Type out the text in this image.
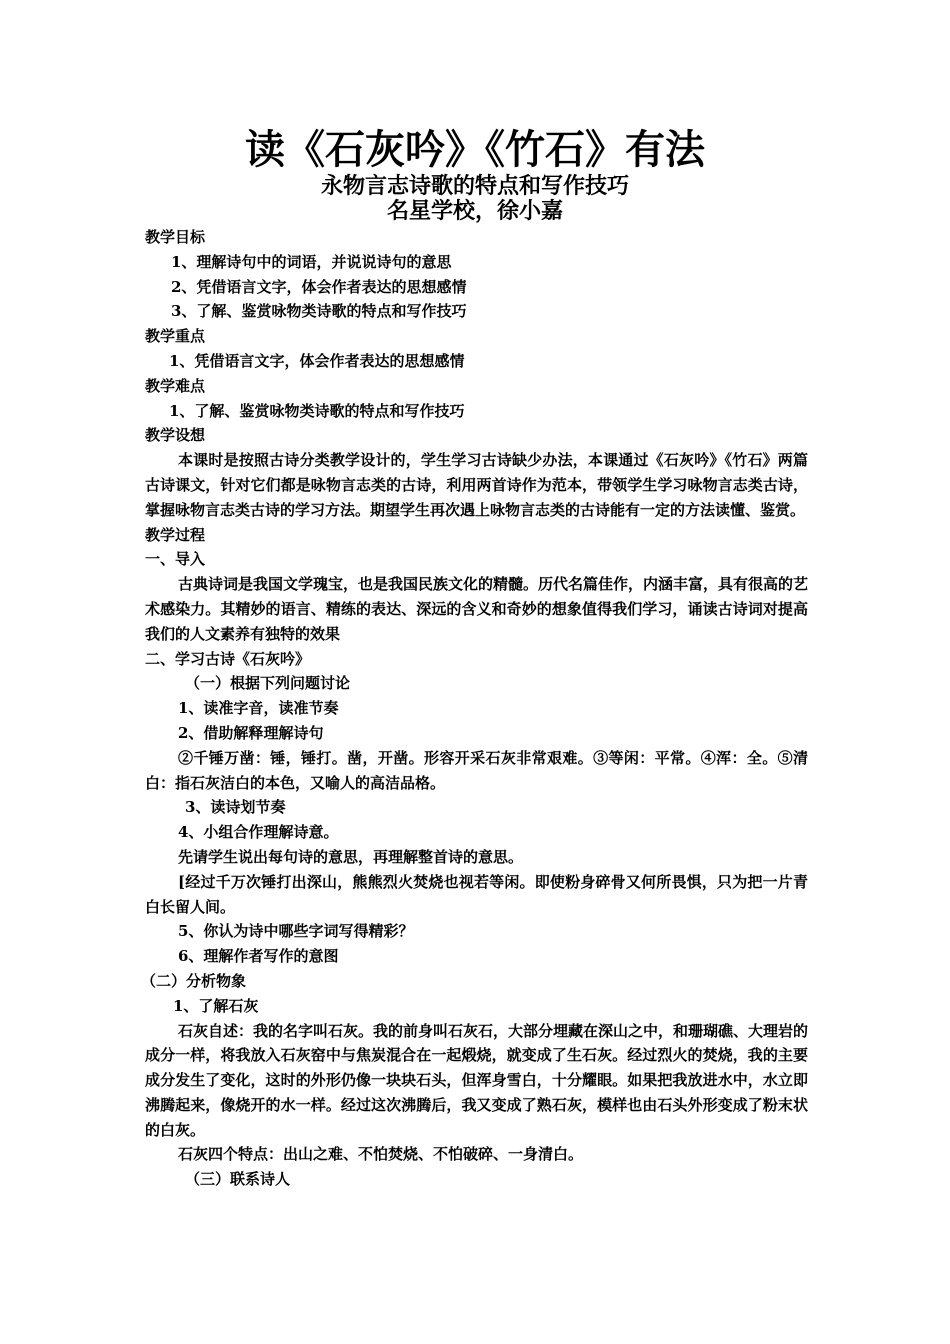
读《石灰吟》《竹石》有法
永物言志诗歌的特点和写作技巧
名星学校，徐小嘉
教学目标
1、理解诗句中的词语，并说说诗句的意思
2、凭借语言文字，体会作者表达的思想感情
3、了解、鉴赏咏物类诗歌的特点和写作技巧
教学重点
1、凭借语言文字，体会作者表达的思想感情
教学难点
1、了解、鉴赏咏物类诗歌的特点和写作技巧
教学设想
本课时是按照古诗分类教学设计的，学生学习古诗缺少办法，本课通过《石灰吟》《竹石》两篇古诗课文，针对它们都是咏物言志类的古诗，利用两首诗作为范本，带领学生学习咏物言志类古诗，掌握咏物言志类古诗的学习方法。期望学生再次遇上咏物言志类的古诗能有一定的方法读懂、鉴赏。
教学过程
一、导入
古典诗词是我国文学瑰宝，也是我国民族文化的精髓。历代名篇佳作，内涵丰富，具有很高的艺术感染力。其精妙的语言、精练的表达、深远的含义和奇妙的想象值得我们学习，诵读古诗词对提高我们的人文素养有独特的效果
二、学习古诗《石灰吟》
（一）根据下列问题讨论
1、读准字音，读准节奏
2、借助解释理解诗句
②千锤万凿：锤，锤打。凿，开凿。形容开采石灰非常艰难。③等闲：平常。④浑：全。⑤清白：指石灰洁白的本色，又喻人的高洁品格。
3、读诗划节奏
4、小组合作理解诗意。
先请学生说出每句诗的意思，再理解整首诗的意思。
[经过千万次锤打出深山，熊熊烈火焚烧也视若等闲。即使粉身碎骨又何所畏惧，只为把一片青白长留人间。
5、你认为诗中哪些字词写得精彩？
6、理解作者写作的意图
（二）分析物象
1、了解石灰
石灰自述：我的名字叫石灰。我的前身叫石灰石，大部分埋藏在深山之中，和珊瑚礁、大理岩的成分一样，将我放入石灰窑中与焦炭混合在一起煅烧，就变成了生石灰。经过烈火的焚烧，我的主要成分发生了变化，这时的外形仍像一块块石头，但浑身雪白，十分耀眼。如果把我放进水中，水立即沸腾起来，像烧开的水一样。经过这次沸腾后，我又变成了熟石灰，模样也由石头外形变成了粉末状的白灰。
石灰四个特点：出山之难、不怕焚烧、不怕破碎、一身清白。
（三）联系诗人
